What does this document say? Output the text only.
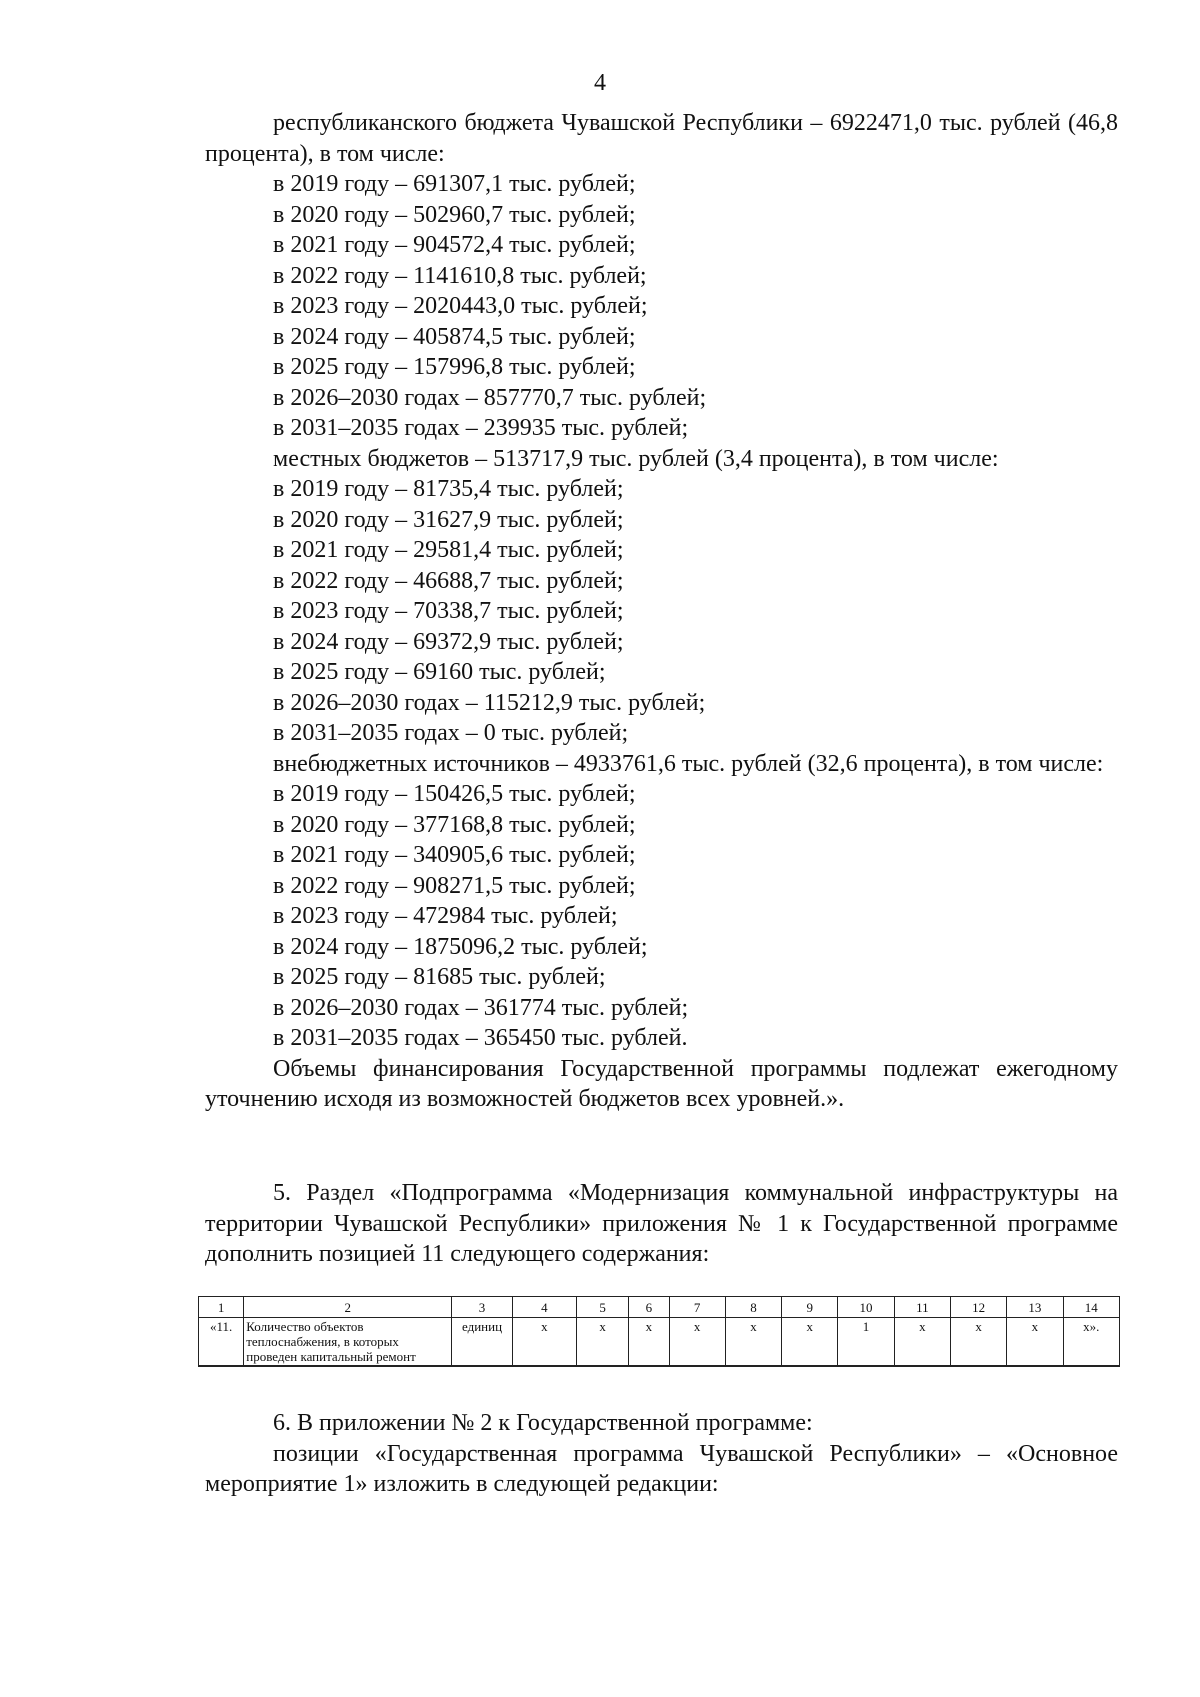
4

республиканского бюджета Чувашской Республики – 6922471,0 тыс. рублей (46,8 процента), в том числе:

в 2019 году – 691307,1 тыс. рублей;

в 2020 году – 502960,7 тыс. рублей;

в 2021 году – 904572,4 тыс. рублей;

в 2022 году – 1141610,8 тыс. рублей;

в 2023 году – 2020443,0 тыс. рублей;

в 2024 году – 405874,5 тыс. рублей;

в 2025 году – 157996,8 тыс. рублей;

в 2026–2030 годах – 857770,7 тыс. рублей;

в 2031–2035 годах – 239935 тыс. рублей;

местных бюджетов – 513717,9 тыс. рублей (3,4 процента), в том числе:

в 2019 году – 81735,4 тыс. рублей;

в 2020 году – 31627,9 тыс. рублей;

в 2021 году – 29581,4 тыс. рублей;

в 2022 году – 46688,7 тыс. рублей;

в 2023 году – 70338,7 тыс. рублей;

в 2024 году – 69372,9 тыс. рублей;

в 2025 году – 69160 тыс. рублей;

в 2026–2030 годах – 115212,9 тыс. рублей;

в 2031–2035 годах – 0 тыс. рублей;

внебюджетных источников – 4933761,6 тыс. рублей (32,6 процента), в том числе:

в 2019 году – 150426,5 тыс. рублей;

в 2020 году – 377168,8 тыс. рублей;

в 2021 году – 340905,6 тыс. рублей;

в 2022 году – 908271,5 тыс. рублей;

в 2023 году – 472984 тыс. рублей;

в 2024 году – 1875096,2 тыс. рублей;

в 2025 году – 81685 тыс. рублей;

в 2026–2030 годах – 361774 тыс. рублей;

в 2031–2035 годах – 365450 тыс. рублей.

Объемы финансирования Государственной программы подлежат ежегодному уточнению исходя из возможностей бюджетов всех уровней.».

5. Раздел «Подпрограмма «Модернизация коммунальной инфраструктуры на территории Чувашской Республики» приложения № 1 к Государственной программе дополнить позицией 11 следующего содержания:

1	2	3	4	5	6	7	8	9	10	11	12	13	14
«11.	Количество объектов теплоснабжения, в которых проведен капитальный ремонт	единиц	x	x	x	x	x	x	1	x	x	x	x».

6. В приложении № 2 к Государственной программе:

позиции «Государственная программа Чувашской Республики» – «Основное мероприятие 1» изложить в следующей редакции:
